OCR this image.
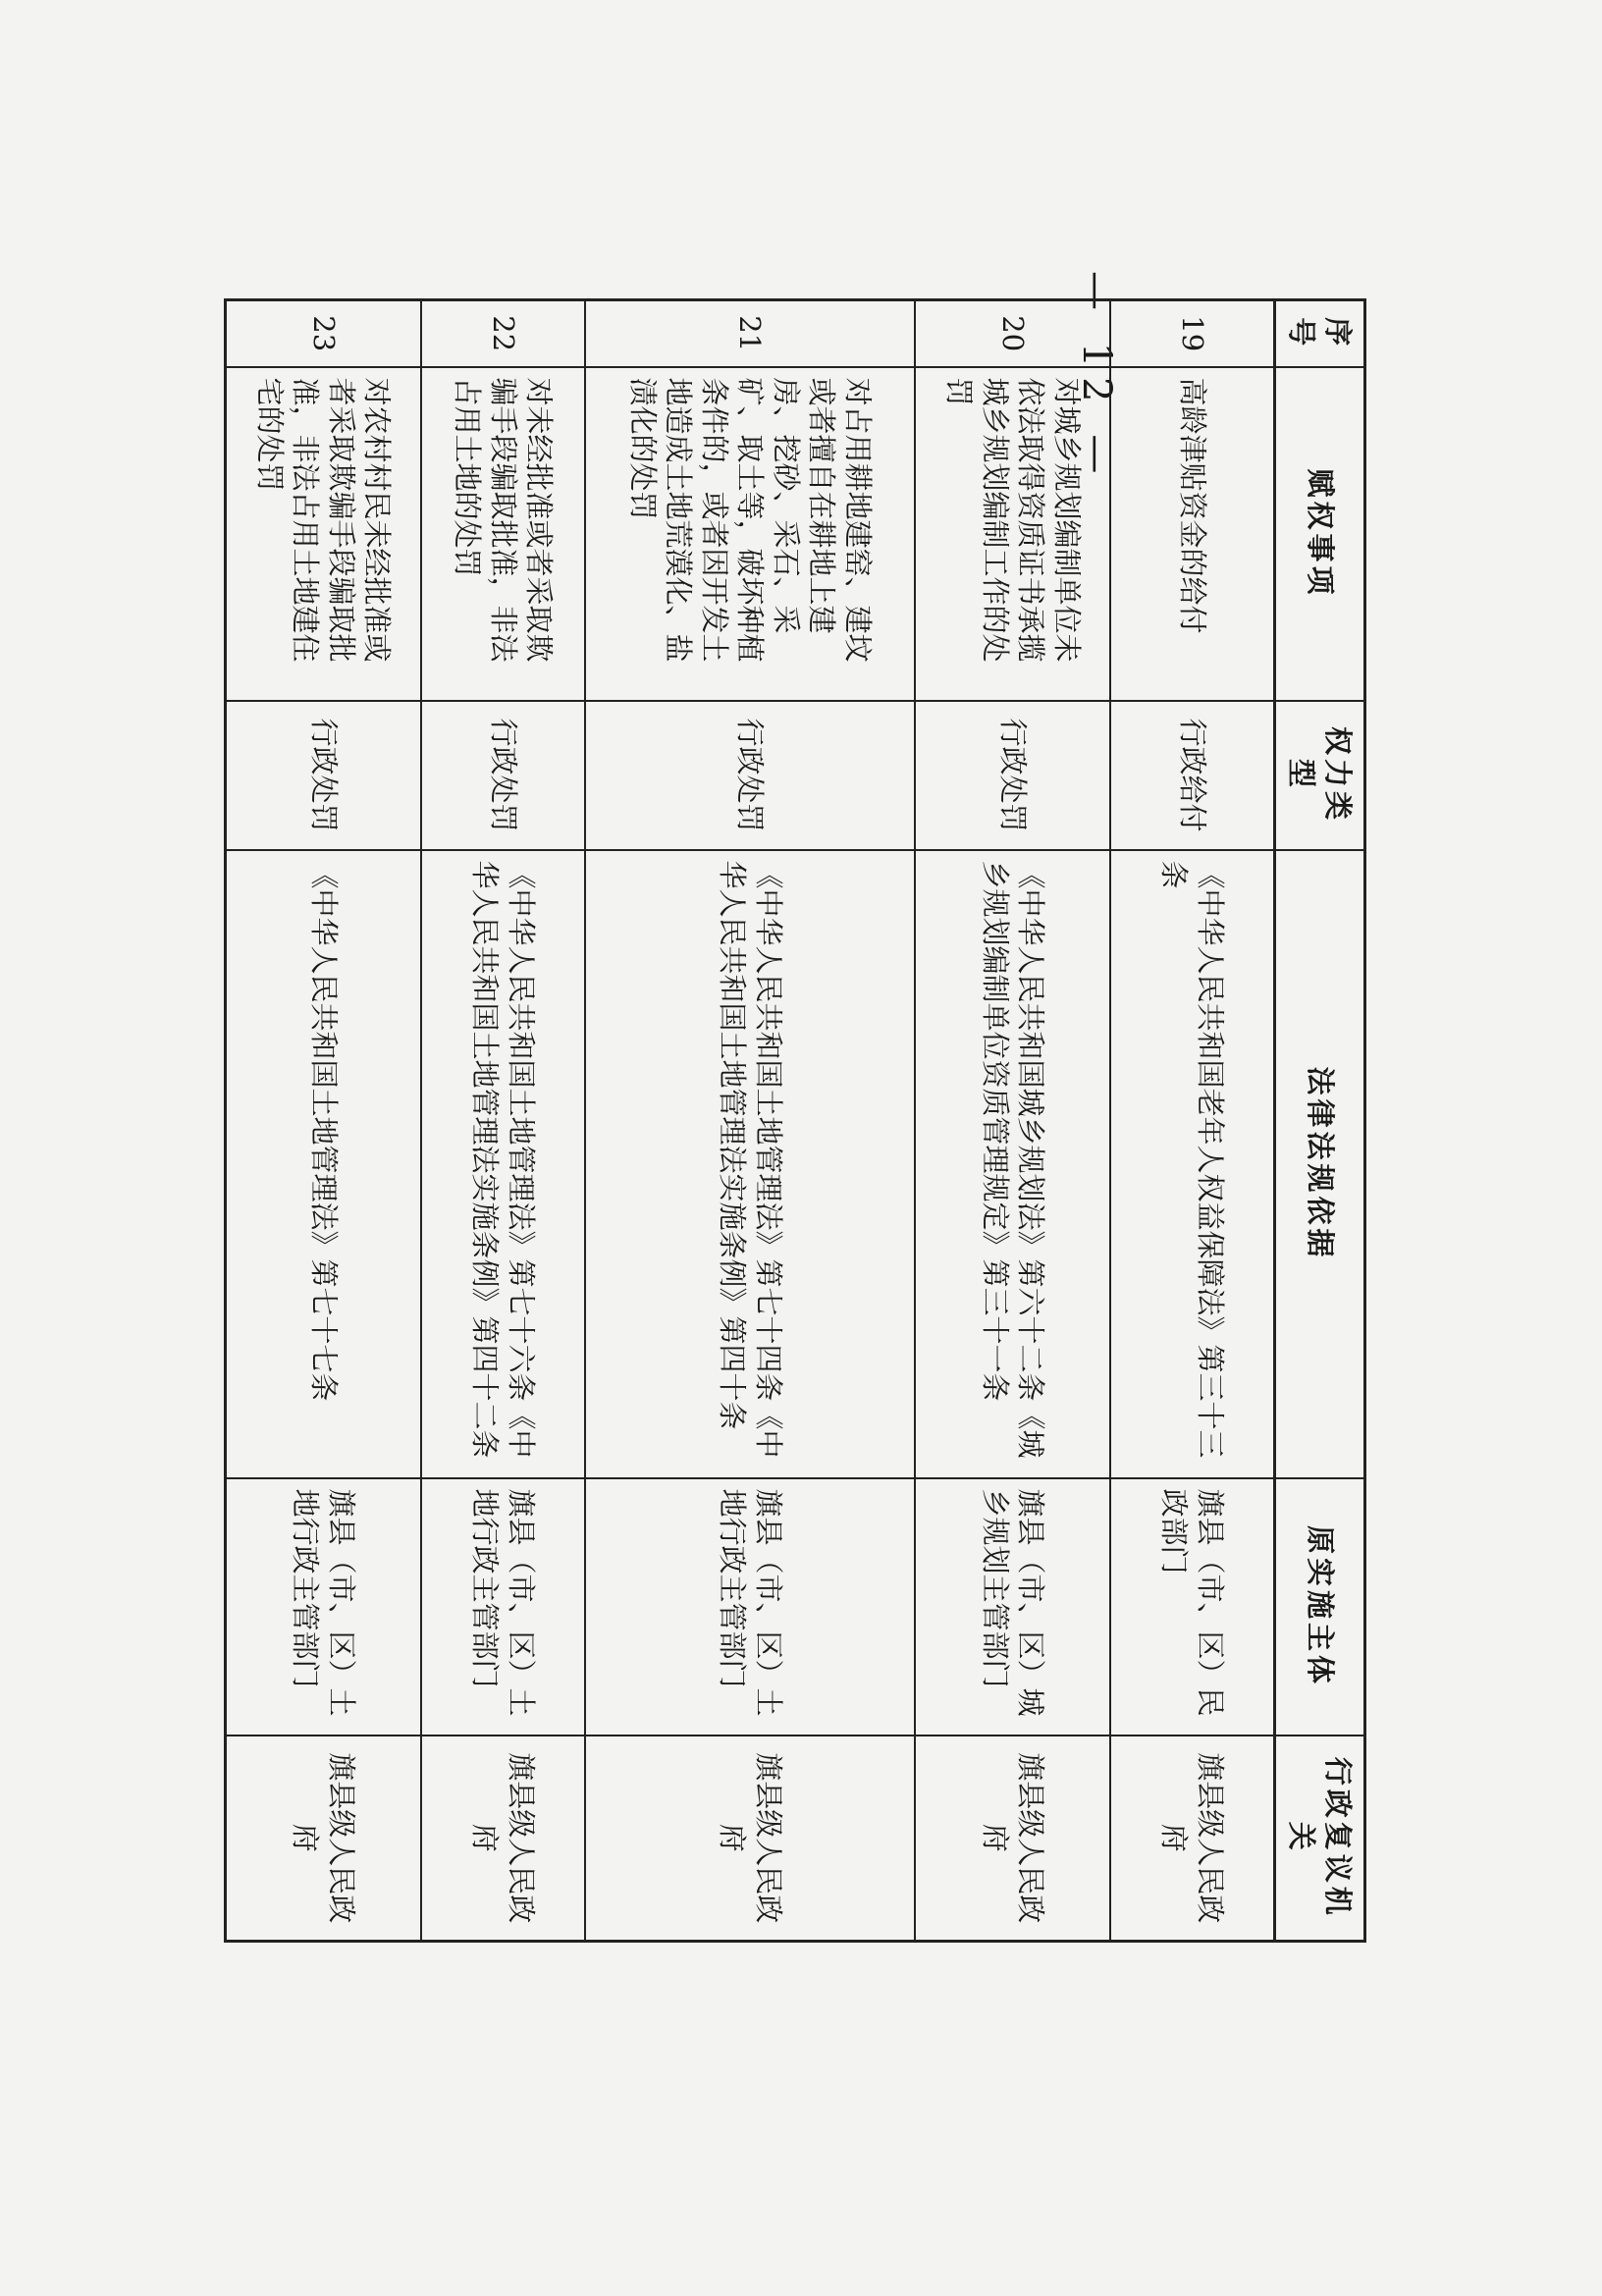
— 12 —	序号	赋权事项	权力类型	法律法规依据	原实施主体	行政复议机关
19	高龄津贴资金的给付	行政给付	《中华人民共和国老年人权益保障法》第三十三条	旗县（市、区）民政部门	旗县级人民政府
20	对城乡规划编制单位未依法取得资质证书承揽城乡规划编制工作的处罚	行政处罚	《中华人民共和国城乡规划法》第六十二条《城乡规划编制单位资质管理规定》第三十一条	旗县（市、区）城乡规划主管部门	旗县级人民政府
21	对占用耕地建窑、建坟或者擅自在耕地上建房、挖砂、采石、采矿、取土等，破坏种植条件的，或者因开发土地造成土地荒漠化、盐渍化的处罚	行政处罚	《中华人民共和国土地管理法》第七十四条《中华人民共和国土地管理法实施条例》第四十条	旗县（市、区）土地行政主管部门	旗县级人民政府
22	对未经批准或者采取欺骗手段骗取批准，非法占用土地的处罚	行政处罚	《中华人民共和国土地管理法》第七十六条《中华人民共和国土地管理法实施条例》第四十二条	旗县（市、区）土地行政主管部门	旗县级人民政府
23	对农村村民未经批准或者采取欺骗手段骗取批准，非法占用土地建住宅的处罚	行政处罚	《中华人民共和国土地管理法》第七十七条	旗县（市、区）土地行政主管部门	旗县级人民政府
